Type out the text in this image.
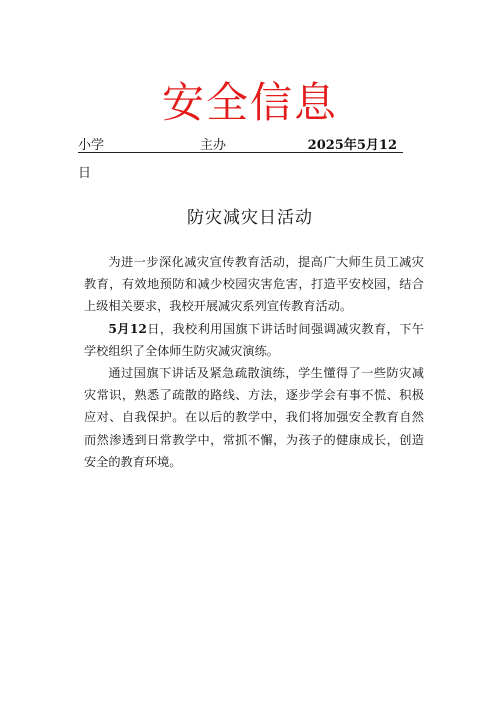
安全信息
小学	主办	2025年5月12
日
防灾减灾日活动

为进一步深化减灾宣传教育活动，提高广大师生员工减灾教育，有效地预防和减少校园灾害危害，打造平安校园，结合上级相关要求，我校开展减灾系列宣传教育活动。

5月12日，我校利用国旗下讲话时间强调减灾教育，下午学校组织了全体师生防灾减灾演练。

通过国旗下讲话及紧急疏散演练，学生懂得了一些防灾减灾常识，熟悉了疏散的路线、方法，逐步学会有事不慌、积极应对、自我保护。在以后的教学中，我们将加强安全教育自然而然渗透到日常教学中，常抓不懈，为孩子的健康成长，创造安全的教育环境。
